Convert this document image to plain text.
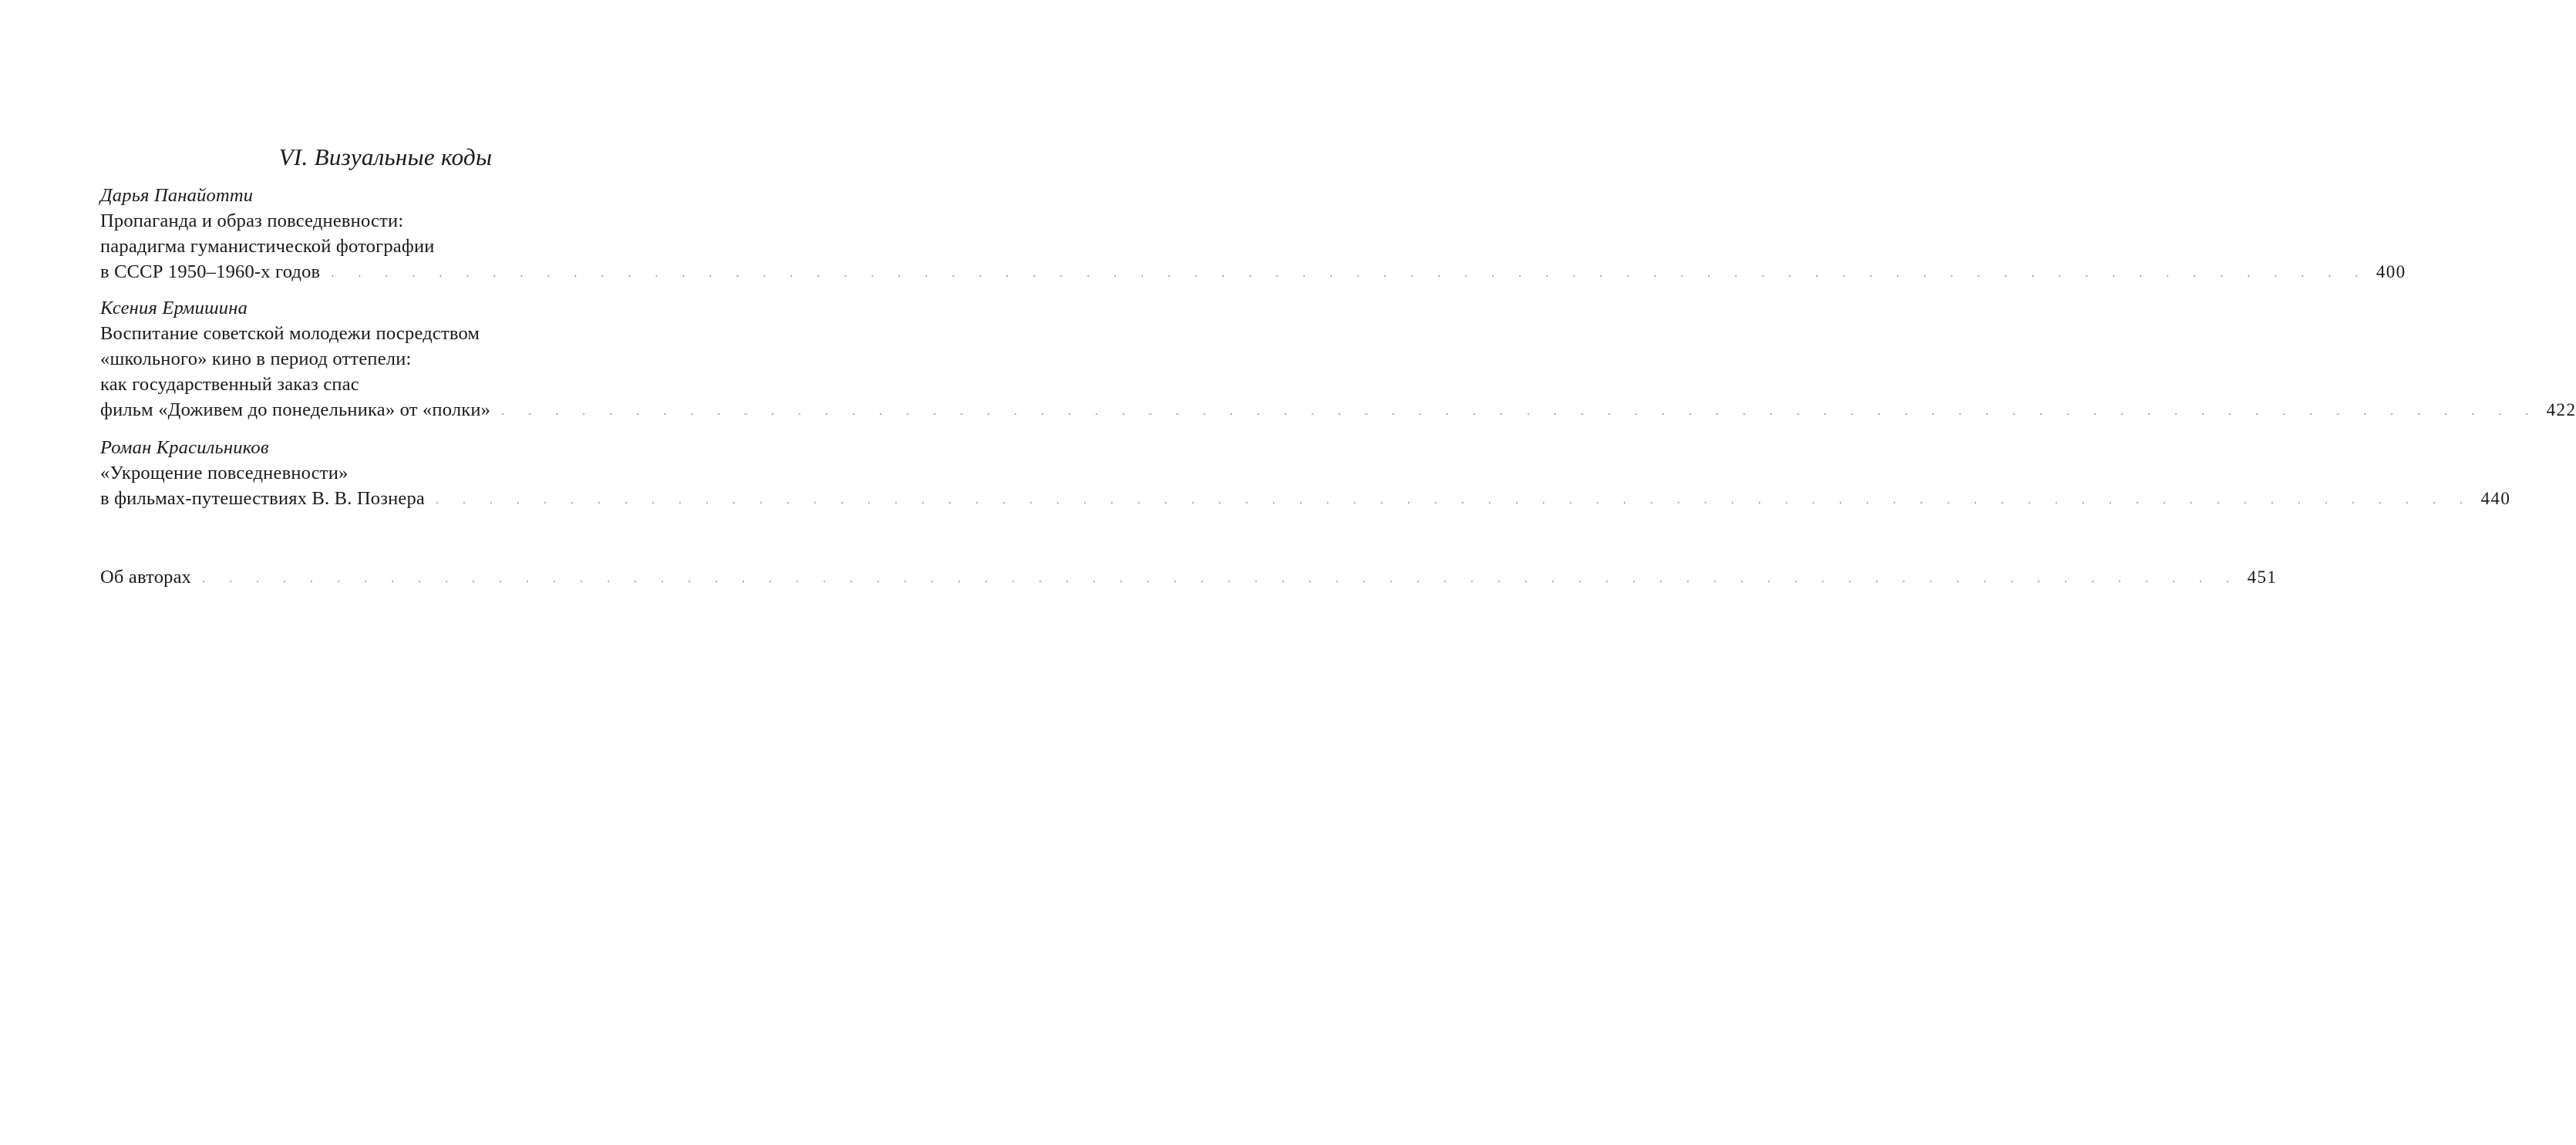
VI. Визуальные коды
Дарья Панайотти
Пропаганда и образ повседневности:
парадигма гуманистической фотографии
в СССР 1950–1960-х годов . . . . . . . . . . . . . . . . . . . . . . . . . . . . . . . . . . . . . . . . . . . . . . . . . . . . . . . . . . . . . . . . . . . . . . . . . . . . 400
Ксения Ермишина
Воспитание советской молодежи посредством
«школьного» кино в период оттепели:
как государственный заказ спас
фильм «Доживем до понедельника» от «полки» . . . . . . . . . . . . . . . . . . . . . . . . . . . . . . . . . . . . . . . . . . . . . . . . . . . . . . . . . . . . . . . . . . . . . . . . . . . . 422
Роман Красильников
«Укрощение повседневности»
в фильмах-путешествиях В. В. Познера . . . . . . . . . . . . . . . . . . . . . . . . . . . . . . . . . . . . . . . . . . . . . . . . . . . . . . . . . . . . . . . . . . . . . . . . . . . . 440
Об авторах . . . . . . . . . . . . . . . . . . . . . . . . . . . . . . . . . . . . . . . . . . . . . . . . . . . . . . . . . . . . . . . . . . . . . . . . . . . . 451
